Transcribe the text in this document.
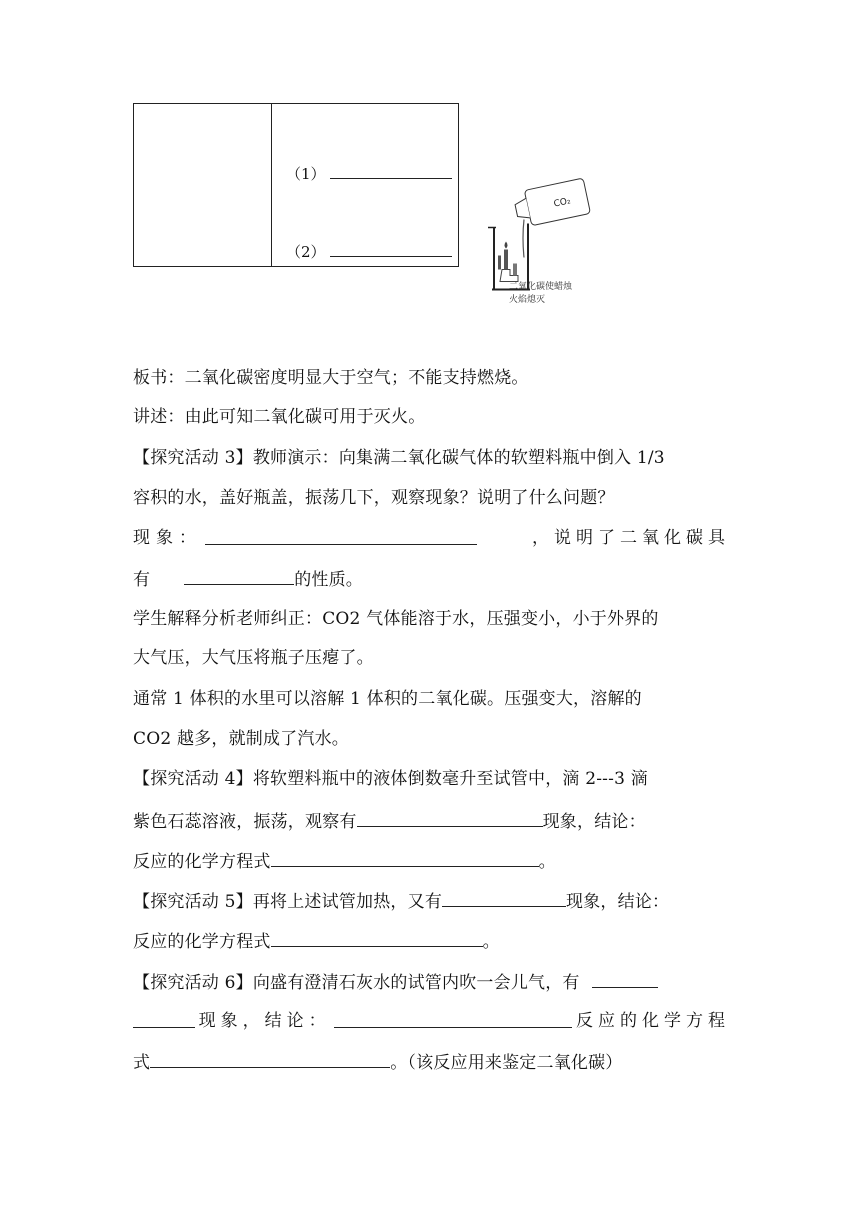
（1）
（2）
CO₂
二氧化碳使蜡烛
火焰熄灭
板书：二氧化碳密度明显大于空气；不能支持燃烧。
讲述：由此可知二氧化碳可用于灭火。
【探究活动 3】教师演示：向集满二氧化碳气体的软塑料瓶中倒入 1/3
容积的水，盖好瓶盖，振荡几下，观察现象？说明了什么问题？
现象：	，说明了二氧化碳具
有	的性质。
学生解释分析老师纠正：CO2 气体能溶于水，压强变小，小于外界的
大气压，大气压将瓶子压瘪了。
通常 1 体积的水里可以溶解 1 体积的二氧化碳。压强变大，溶解的
CO2 越多，就制成了汽水。
【探究活动 4】将软塑料瓶中的液体倒数毫升至试管中，滴 2---3 滴
紫色石蕊溶液，振荡，观察有	现象，结论：
反应的化学方程式	。
【探究活动 5】再将上述试管加热，又有	现象，结论：
反应的化学方程式	。
【探究活动 6】向盛有澄清石灰水的试管内吹一会儿气，有
现象，结论：	反应的化学方程
式	。（该反应用来鉴定二氧化碳）
